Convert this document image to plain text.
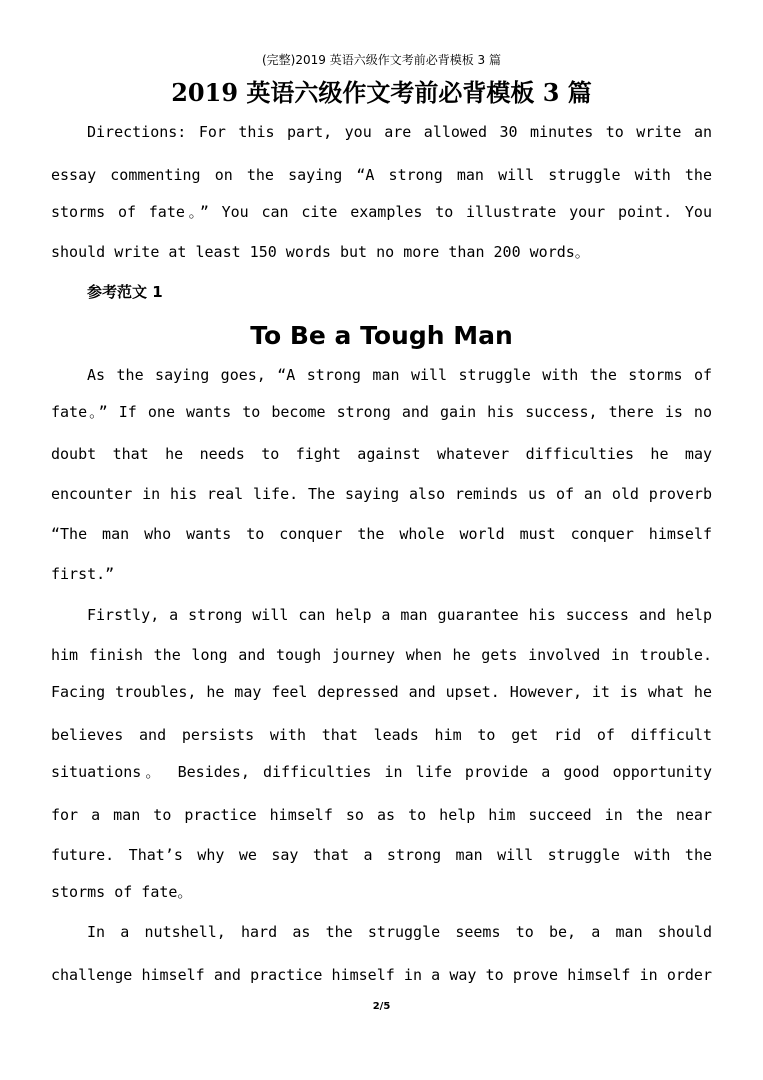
(完整)2019 英语六级作文考前必背模板 3 篇
2019 英语六级作文考前必背模板 3 篇
Directions: For this part, you are allowed 30 minutes to write an
essay commenting on the saying “A strong man will struggle with the
storms of fate。” You can cite examples to illustrate your point. You
should write at least 150 words but no more than 200 words。
参考范文 1
To Be a Tough Man
As the saying goes, “A strong man will struggle with the storms of
fate。” If one wants to become strong and gain his success, there is no
doubt that he needs to fight against whatever difficulties he may
encounter in his real life. The saying also reminds us of an old proverb
“The man who wants to conquer the whole world must conquer himself
first.”
Firstly, a strong will can help a man guarantee his success and help
him finish the long and tough journey when he gets involved in trouble.
Facing troubles, he may feel depressed and upset. However, it is what he
believes and persists with that leads him to get rid of difficult
situations。 Besides, difficulties in life provide a good opportunity
for a man to practice himself so as to help him succeed in the near
future. That’s why we say that a strong man will struggle with the
storms of fate。
In a nutshell, hard as the struggle seems to be, a man should
challenge himself and practice himself in a way to prove himself in order
2/5
